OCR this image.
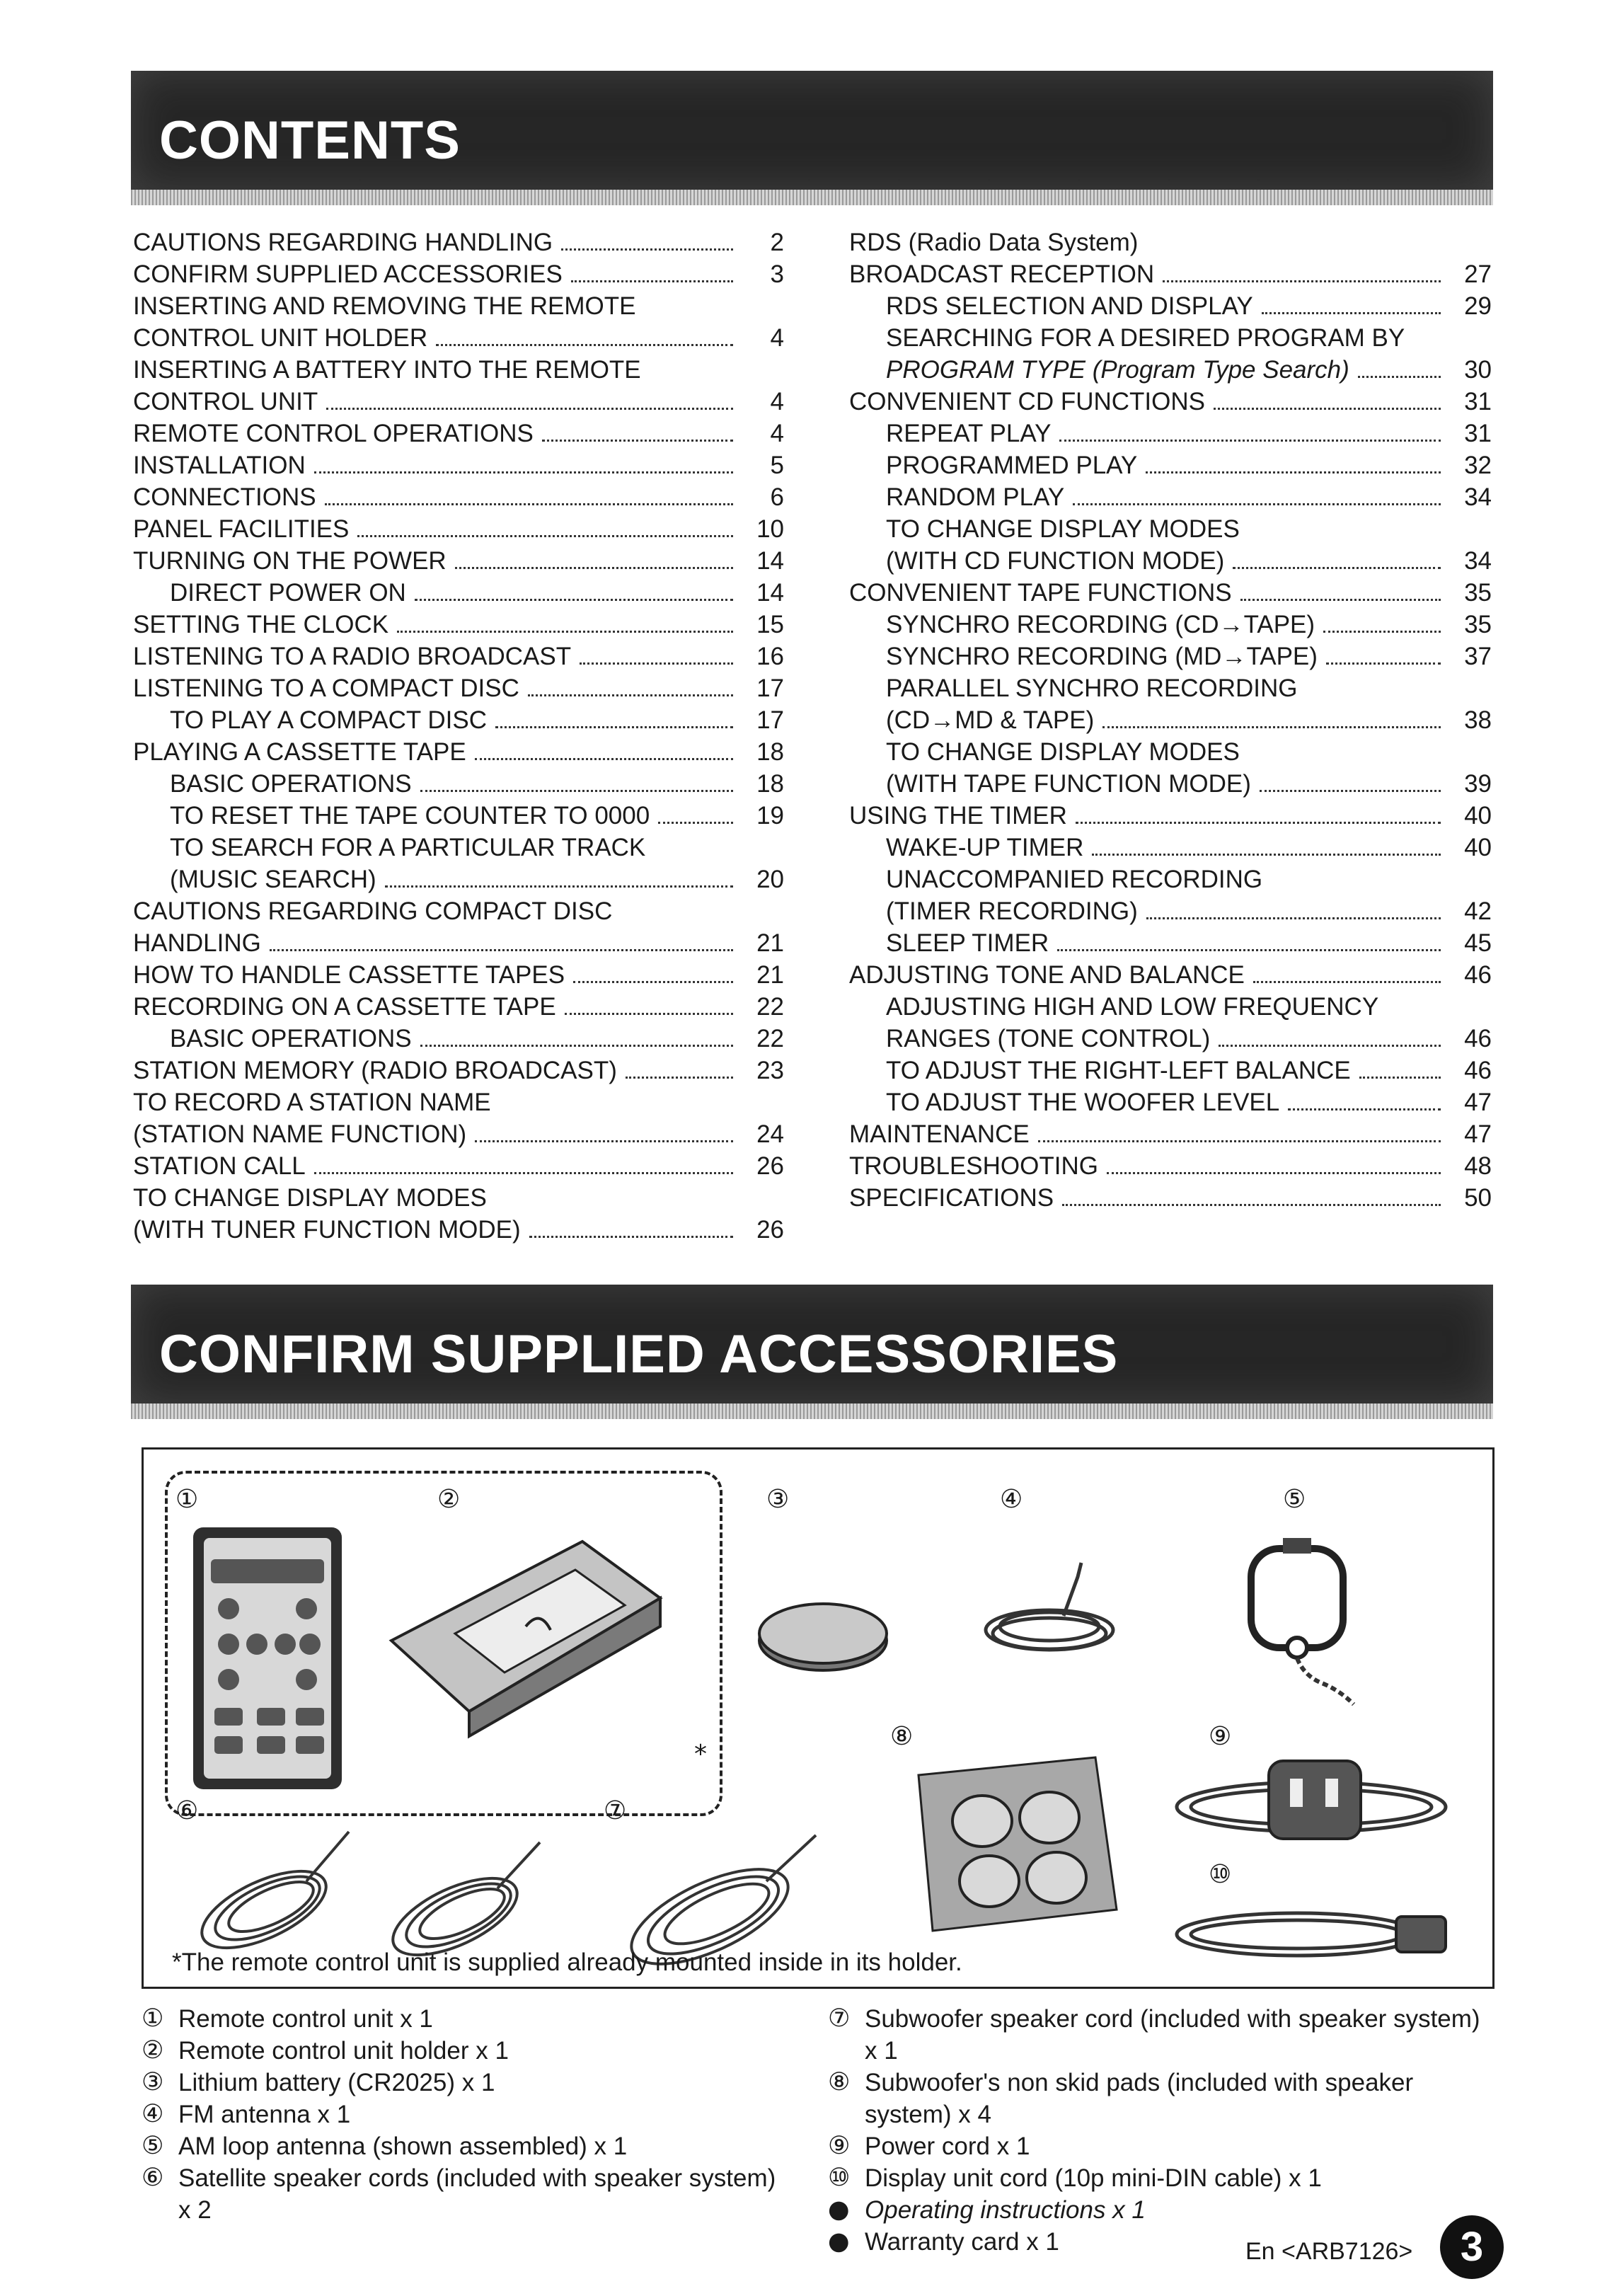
CONTENTS
CAUTIONS REGARDING HANDLING	2
CONFIRM SUPPLIED ACCESSORIES	3
INSERTING AND REMOVING THE REMOTE
CONTROL UNIT HOLDER	4
INSERTING A BATTERY INTO THE REMOTE
CONTROL UNIT	4
REMOTE CONTROL OPERATIONS	4
INSTALLATION	5
CONNECTIONS	6
PANEL FACILITIES	10
TURNING ON THE POWER	14
DIRECT POWER ON	14
SETTING THE CLOCK	15
LISTENING TO A RADIO BROADCAST	16
LISTENING TO A COMPACT DISC	17
TO PLAY A COMPACT DISC	17
PLAYING A CASSETTE TAPE	18
BASIC OPERATIONS	18
TO RESET THE TAPE COUNTER TO 0000	19
TO SEARCH FOR A PARTICULAR TRACK
(MUSIC SEARCH)	20
CAUTIONS REGARDING COMPACT DISC
HANDLING	21
HOW TO HANDLE CASSETTE TAPES	21
RECORDING ON A CASSETTE TAPE	22
BASIC OPERATIONS	22
STATION MEMORY (RADIO BROADCAST)	23
TO RECORD A STATION NAME
(STATION NAME FUNCTION)	24
STATION CALL	26
TO CHANGE DISPLAY MODES
(WITH TUNER FUNCTION MODE)	26
RDS (Radio Data System)
BROADCAST RECEPTION	27
RDS SELECTION AND DISPLAY	29
SEARCHING FOR A DESIRED PROGRAM BY
PROGRAM TYPE (Program Type Search)	30
CONVENIENT CD FUNCTIONS	31
REPEAT PLAY	31
PROGRAMMED PLAY	32
RANDOM PLAY	34
TO CHANGE DISPLAY MODES
(WITH CD FUNCTION MODE)	34
CONVENIENT TAPE FUNCTIONS	35
SYNCHRO RECORDING (CD→TAPE)	35
SYNCHRO RECORDING (MD→TAPE)	37
PARALLEL SYNCHRO RECORDING
(CD→MD & TAPE)	38
TO CHANGE DISPLAY MODES
(WITH TAPE FUNCTION MODE)	39
USING THE TIMER	40
WAKE-UP TIMER	40
UNACCOMPANIED RECORDING
(TIMER RECORDING)	42
SLEEP TIMER	45
ADJUSTING TONE AND BALANCE	46
ADJUSTING HIGH AND LOW FREQUENCY
RANGES (TONE CONTROL)	46
TO ADJUST THE RIGHT-LEFT BALANCE	46
TO ADJUST THE WOOFER LEVEL	47
MAINTENANCE	47
TROUBLESHOOTING	48
SPECIFICATIONS	50
CONFIRM SUPPLIED ACCESSORIES
①	②	③	④	⑤
⑥	⑦
⑧	⑨
⑩
*
*The remote control unit is supplied already mounted inside in its holder.
① Remote control unit x 1
② Remote control unit holder x 1
③ Lithium battery (CR2025) x 1
④ FM antenna x 1
⑤ AM loop antenna (shown assembled) x 1
⑥ Satellite speaker cords (included with speaker system) x 2
⑦ Subwoofer speaker cord (included with speaker system) x 1
⑧ Subwoofer's non skid pads (included with speaker system) x 4
⑨ Power cord x 1
⑩ Display unit cord (10p mini-DIN cable) x 1
● Operating instructions x 1
● Warranty card x 1	En <ARB7126>	3
